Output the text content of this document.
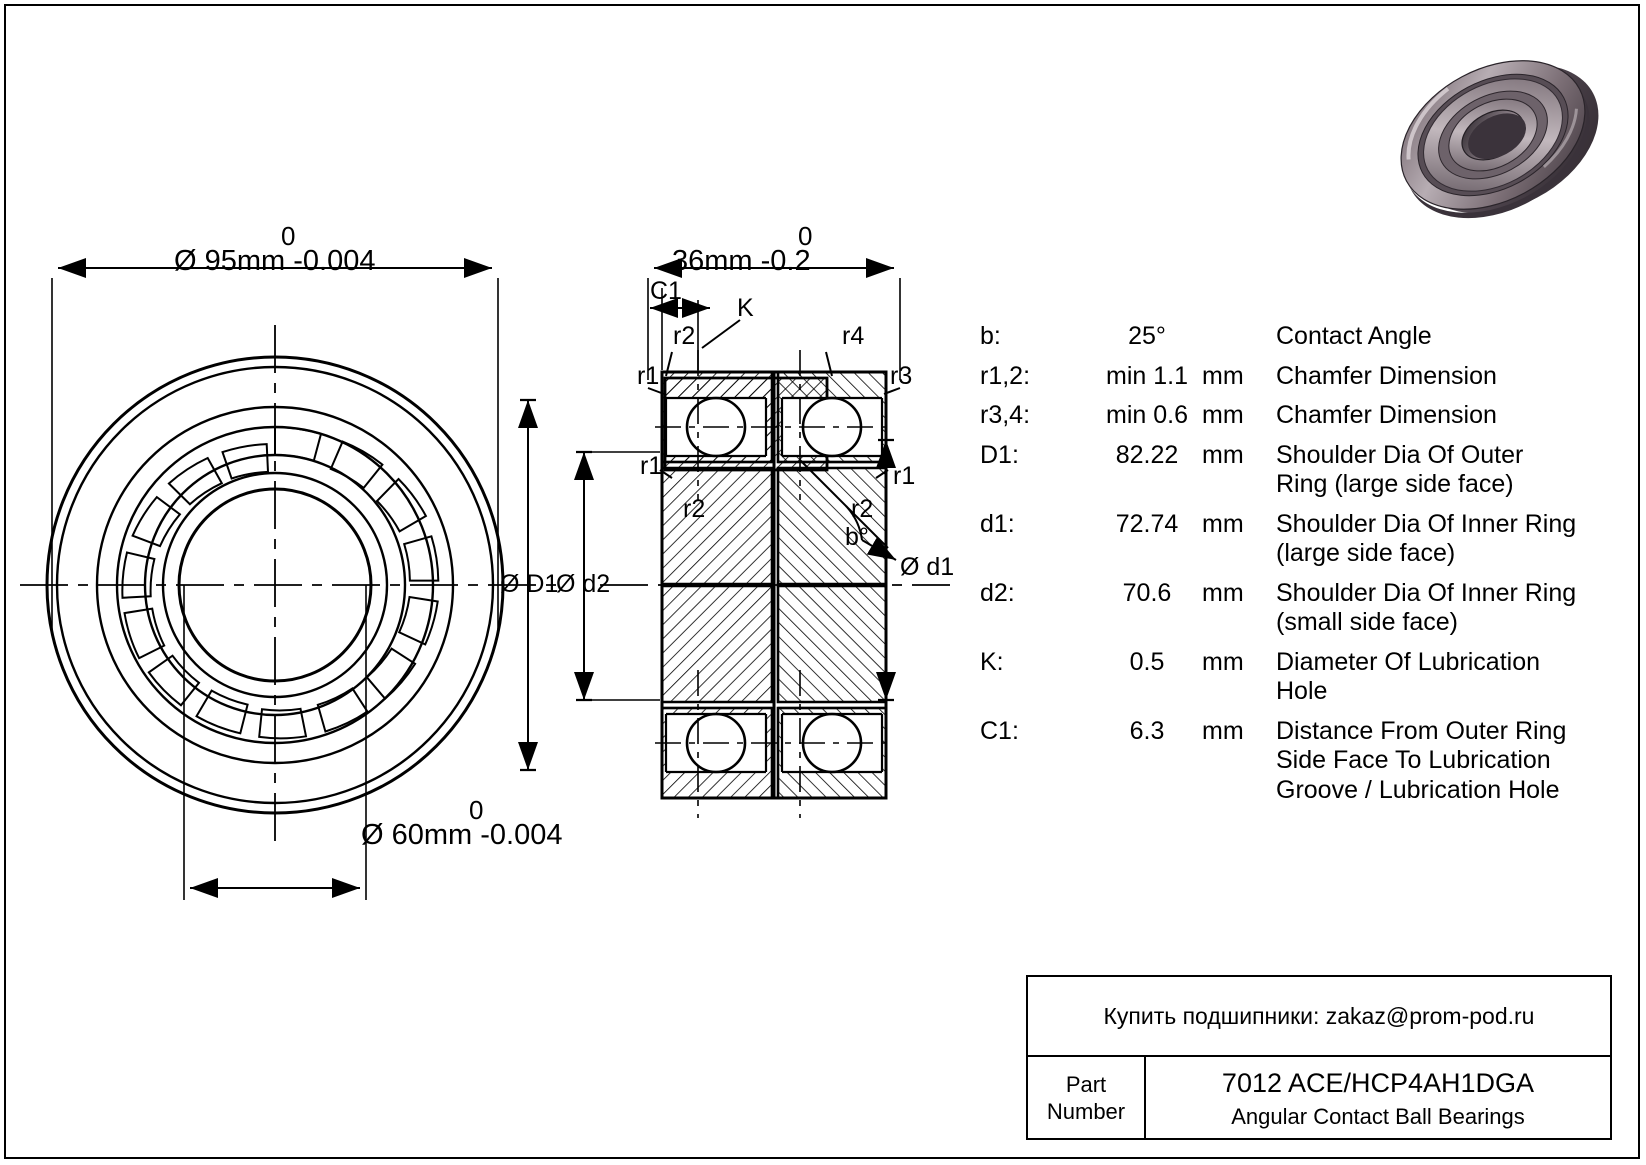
0
Ø 95mm -0.004
0
Ø 60mm -0.004
0
36mm -0.2
C1
K
r2	r4
r1	r3
r1	r1
r2	r2
b°
Ø D1
Ø d2
Ø d1
b:	25°	Contact Angle
r1,2:	min 1.1 mm	Chamfer Dimension
r3,4:	min 0.6 mm	Chamfer Dimension
D1:	82.22 mm	Shoulder Dia Of Outer Ring (large side face)
d1:	72.74 mm	Shoulder Dia Of Inner Ring (large side face)
d2:	70.6	mm	Shoulder Dia Of Inner Ring (small side face)
K:	0.5	mm	Diameter Of Lubrication Hole
C1:	6.3	mm	Distance From Outer Ring Side Face To Lubrication Groove / Lubrication Hole
Купить подшипники: zakaz@prom-pod.ru
Part
Number
7012 ACE/HCP4AH1DGA
Angular Contact Ball Bearings
